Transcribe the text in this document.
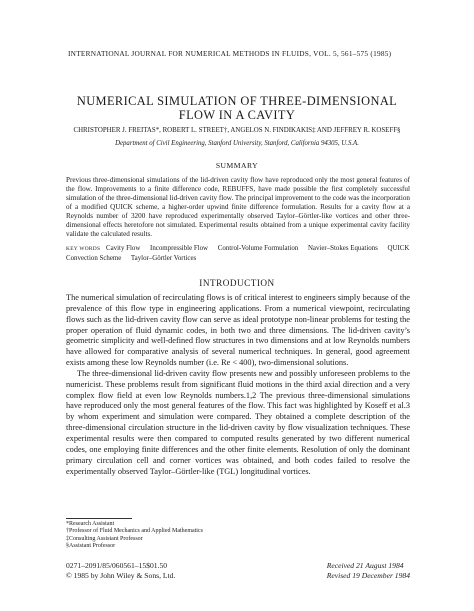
INTERNATIONAL JOURNAL FOR NUMERICAL METHODS IN FLUIDS, VOL. 5, 561–575 (1985)
NUMERICAL SIMULATION OF THREE-DIMENSIONAL
FLOW IN A CAVITY
CHRISTOPHER J. FREITAS*, ROBERT L. STREET†, ANGELOS N. FINDIKAKIS‡ AND JEFFREY R. KOSEFF§
Department of Civil Engineering, Stanford University, Stanford, California 94305, U.S.A.
SUMMARY
Previous three-dimensional simulations of the lid-driven cavity flow have reproduced only the most general features of the flow. Improvements to a finite difference code, REBUFFS, have made possible the first completely successful simulation of the three-dimensional lid-driven cavity flow. The principal improvement to the code was the incorporation of a modified QUICK scheme, a higher-order upwind finite difference formulation. Results for a cavity flow at a Reynolds number of 3200 have reproduced experimentally observed Taylor–Görtler-like vortices and other three-dimensional effects heretofore not simulated. Experimental results obtained from a unique experimental cavity facility validate the calculated results.
KEY WORDS Cavity Flow Incompressible Flow Control-Volume Formulation Navier–Stokes Equations QUICK Convection Scheme Taylor–Görtler Vortices
INTRODUCTION

The numerical simulation of recirculating flows is of critical interest to engineers simply because of the prevalence of this flow type in engineering applications. From a numerical viewpoint, recirculating flows such as the lid-driven cavity flow can serve as ideal prototype non-linear problems for testing the proper operation of fluid dynamic codes, in both two and three dimensions. The lid-driven cavity’s geometric simplicity and well-defined flow structures in two dimensions and at low Reynolds numbers have allowed for comparative analysis of several numerical techniques. In general, good agreement exists among these low Reynolds number (i.e. Re < 400), two-dimensional solutions.

The three-dimensional lid-driven cavity flow presents new and possibly unforeseen problems to the numericist. These problems result from significant fluid motions in the third axial direction and a very complex flow field at even low Reynolds numbers.1,2 The previous three-dimensional simulations have reproduced only the most general features of the flow. This fact was highlighted by Koseff et al.3 by whom experiment and simulation were compared. They obtained a complete description of the three-dimensional circulation structure in the lid-driven cavity by flow visualization techniques. These experimental results were then compared to computed results generated by two different numerical codes, one employing finite differences and the other finite elements. Resolution of only the dominant primary circulation cell and corner vortices was obtained, and both codes failed to resolve the experimentally observed Taylor–Görtler-like (TGL) longitudinal vortices.

*Research Assistant
†Professor of Fluid Mechanics and Applied Mathematics
‡Consulting Assistant Professor
§Assistant Professor
0271–2091/85/060561–15$01.50
© 1985 by John Wiley & Sons, Ltd.
Received 21 August 1984
Revised 19 December 1984
